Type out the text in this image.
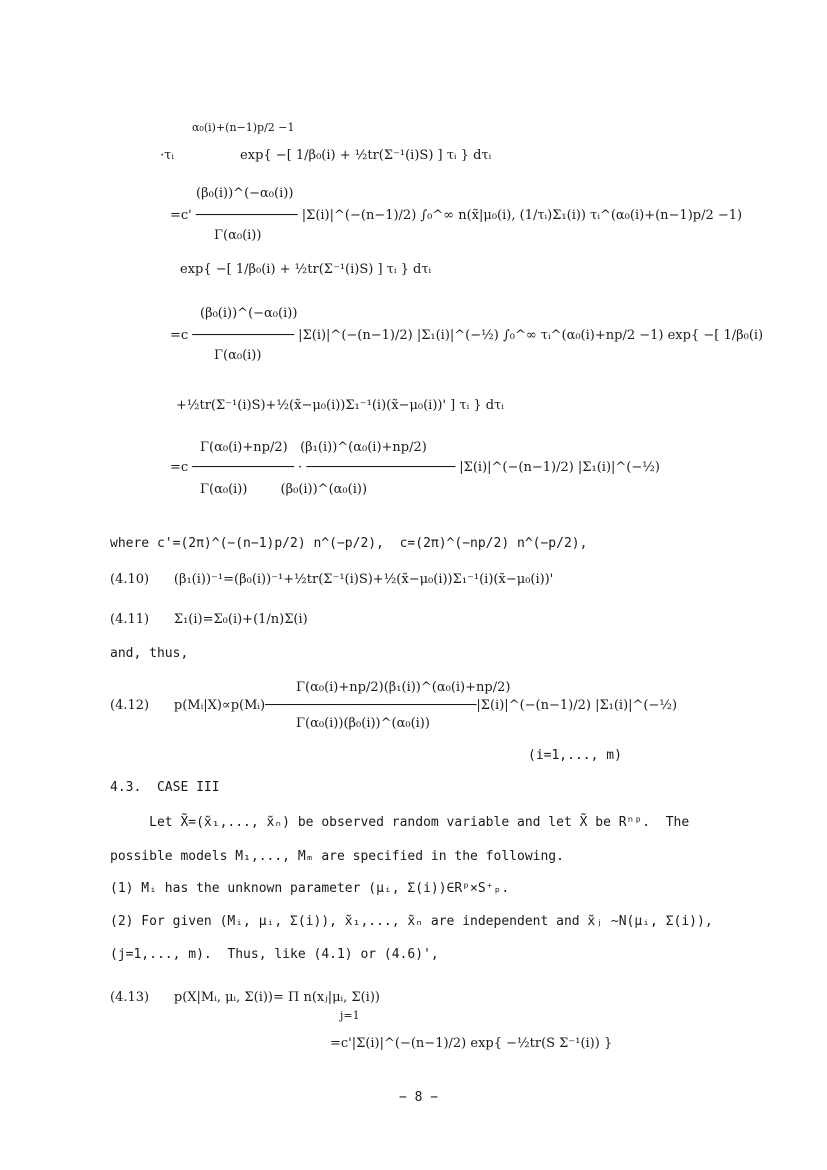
α₀(i)+(n−1)p/2 −1
·τᵢ                exp{ −[ 1/β₀(i) + ½tr(Σ⁻¹(i)S) ] τᵢ } dτᵢ
(β₀(i))^(−α₀(i))
=c' ───────────── |Σ(i)|^(−(n−1)/2) ∫₀^∞ n(x̃|μ₀(i), (1/τᵢ)Σ₁(i)) τᵢ^(α₀(i)+(n−1)p/2 −1)
Γ(α₀(i))
exp{ −[ 1/β₀(i) + ½tr(Σ⁻¹(i)S) ] τᵢ } dτᵢ
(β₀(i))^(−α₀(i))
=c ───────────── |Σ(i)|^(−(n−1)/2) |Σ₁(i)|^(−½) ∫₀^∞ τᵢ^(α₀(i)+np/2 −1) exp{ −[ 1/β₀(i)
Γ(α₀(i))
+½tr(Σ⁻¹(i)S)+½(x̃−μ₀(i))Σ₁⁻¹(i)(x̃−μ₀(i))' ] τᵢ } dτᵢ
Γ(α₀(i)+np/2)   (β₁(i))^(α₀(i)+np/2)
=c ───────────── · ─────────────────── |Σ(i)|^(−(n−1)/2) |Σ₁(i)|^(−½)
Γ(α₀(i))        (β₀(i))^(α₀(i))
where c'=(2π)^(−(n−1)p/2) n^(−p/2),  c=(2π)^(−np/2) n^(−p/2),
(4.10)      (β₁(i))⁻¹=(β₀(i))⁻¹+½tr(Σ⁻¹(i)S)+½(x̃−μ₀(i))Σ₁⁻¹(i)(x̃−μ₀(i))'
(4.11)      Σ₁(i)=Σ₀(i)+(1/n)Σ(i)
and, thus,
Γ(α₀(i)+np/2)(β₁(i))^(α₀(i)+np/2)
(4.12)      p(Mᵢ|X)∝p(Mᵢ)───────────────────────────|Σ(i)|^(−(n−1)/2) |Σ₁(i)|^(−½)
Γ(α₀(i))(β₀(i))^(α₀(i))
(i=1,..., m)
4.3.  CASE III
Let X̃=(x̃₁,..., x̃ₙ) be observed random variable and let X̃ be Rⁿᵖ.  The
possible models M₁,..., Mₘ are specified in the following.
(1) Mᵢ has the unknown parameter (μᵢ, Σ(i))∈Rᵖ×S⁺ₚ.
(2) For given (Mᵢ, μᵢ, Σ(i)), x̃₁,..., x̃ₙ are independent and x̃ⱼ ~N(μᵢ, Σ(i)),
(j=1,..., m).  Thus, like (4.1) or (4.6)',
(4.13)      p(X|Mᵢ, μᵢ, Σ(i))= Π n(xⱼ|μᵢ, Σ(i))
j=1
=c'|Σ(i)|^(−(n−1)/2) exp{ −½tr(S Σ⁻¹(i)) }
− 8 −
